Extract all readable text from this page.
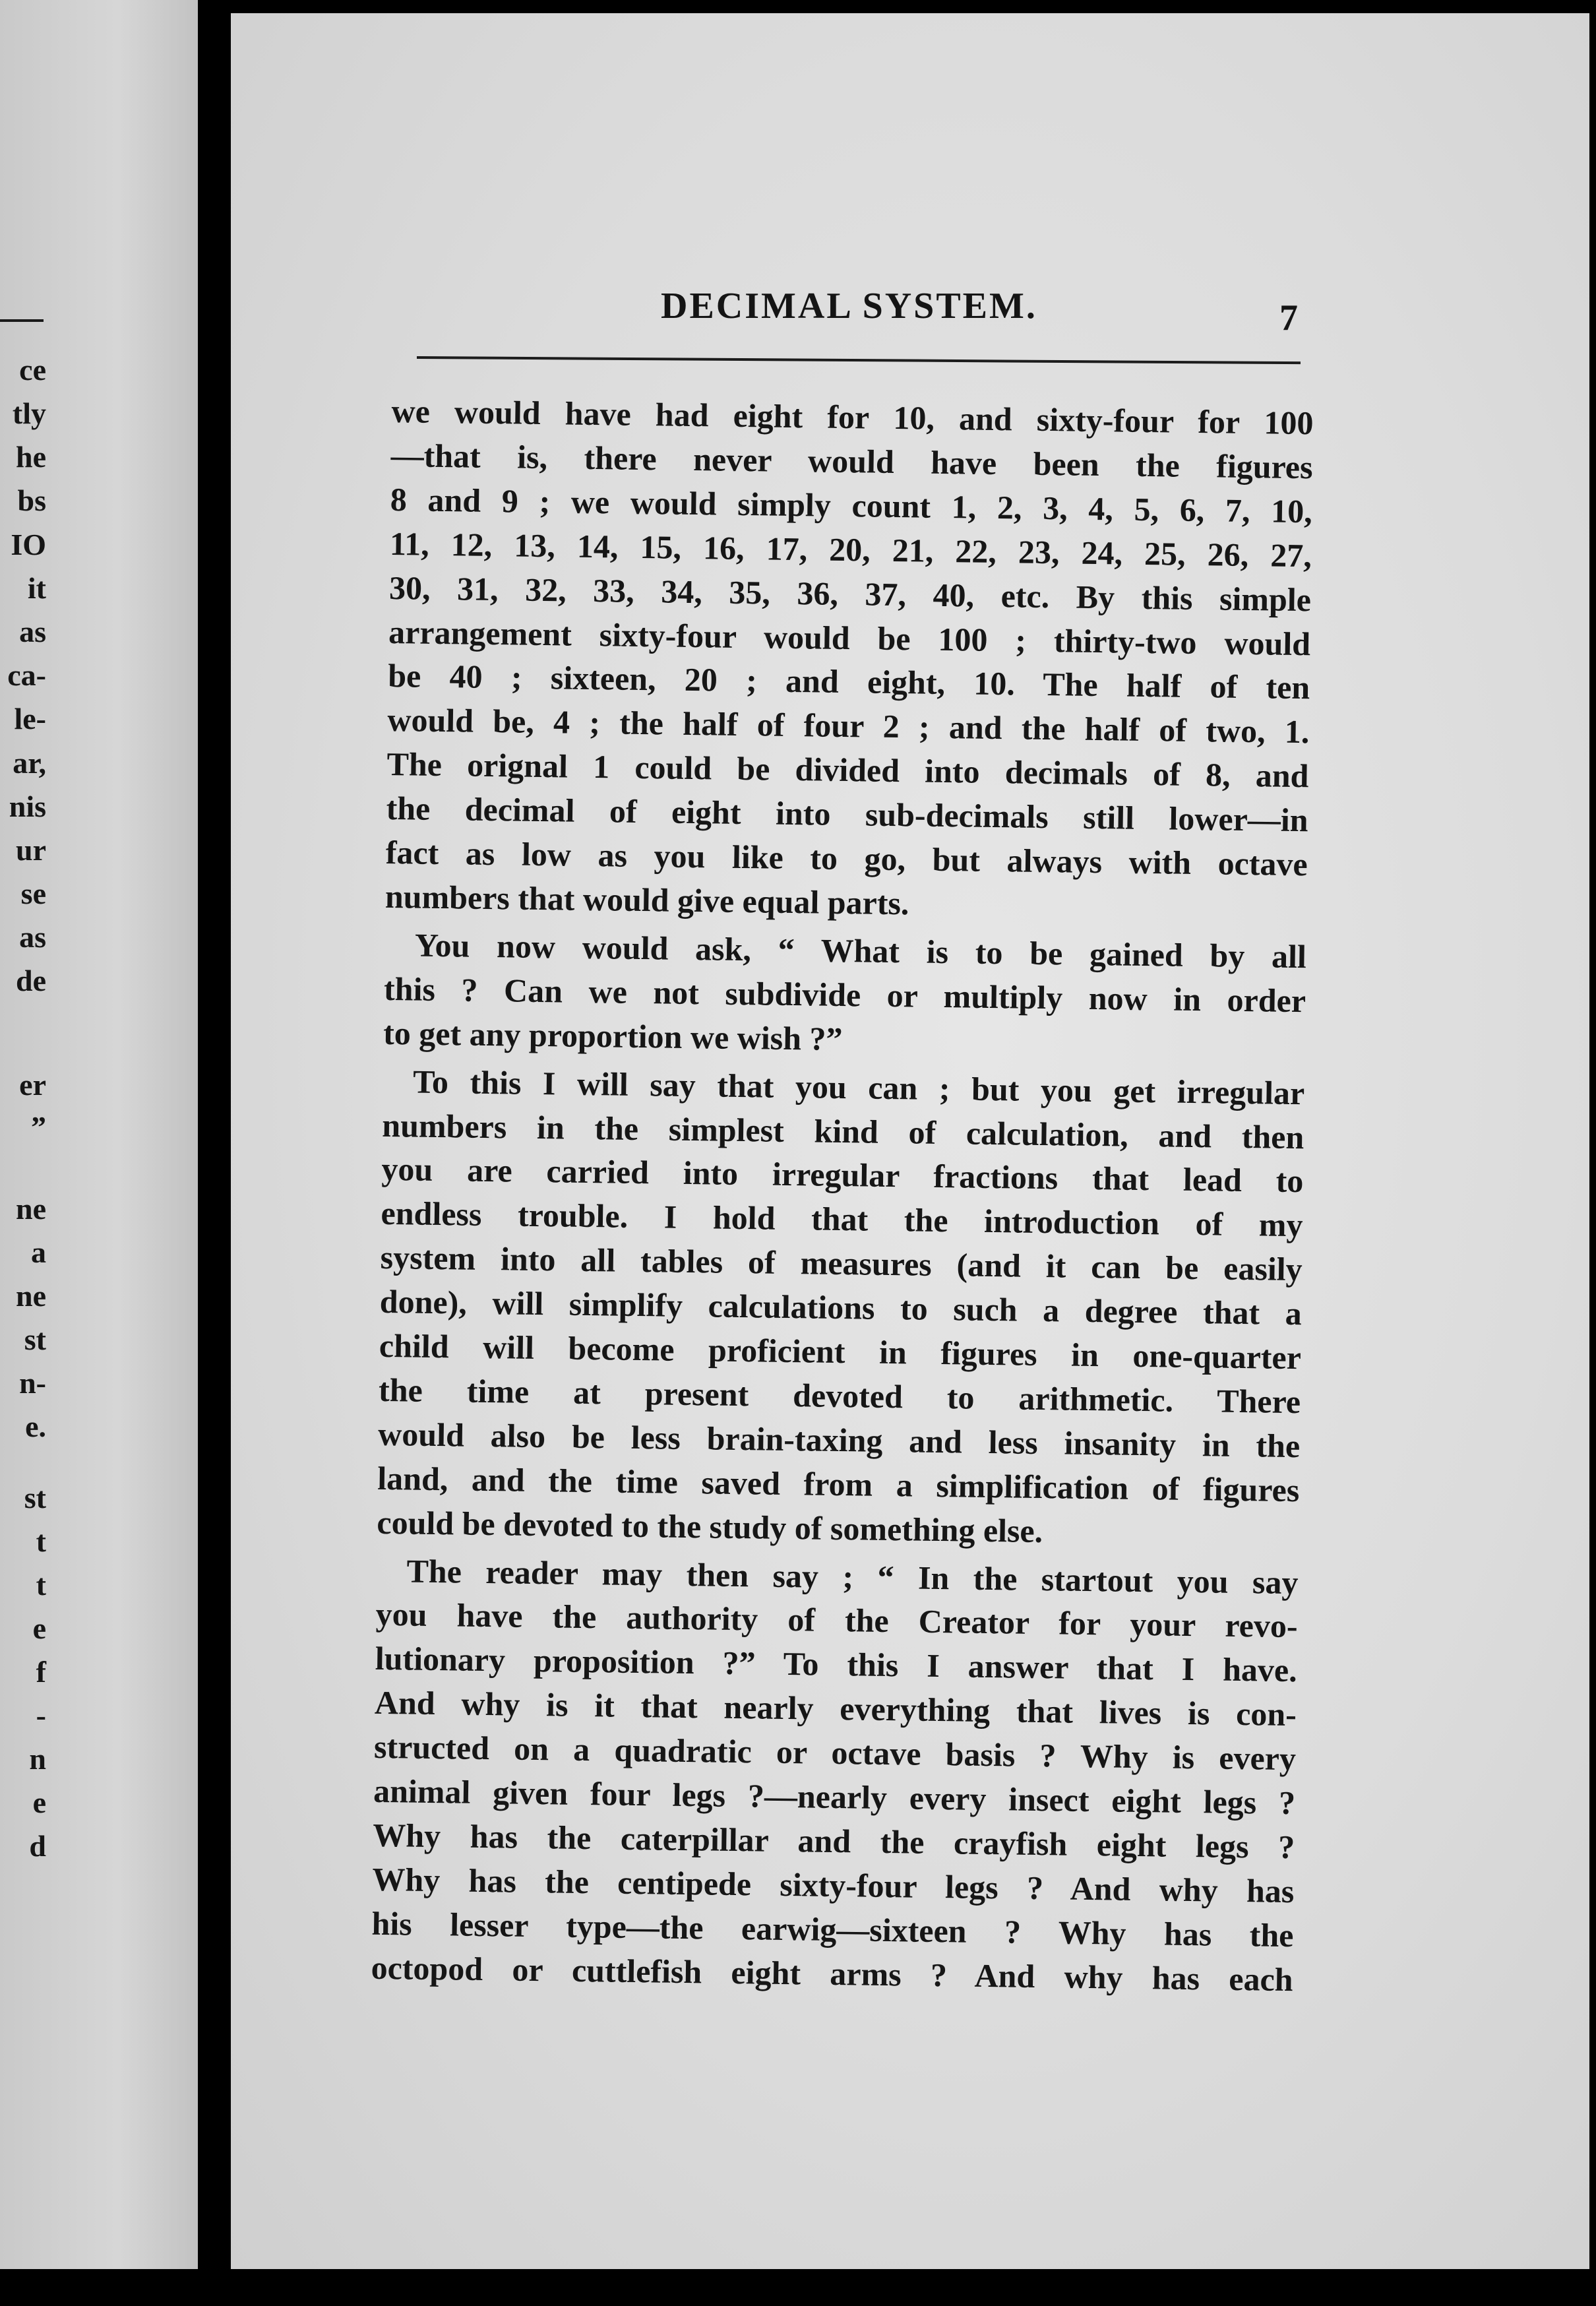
ce
tly
he
bs
IO
it
as
ca-
le-
ar,
nis
ur
se
as
de
er
”
ne
a
ne
st
n-
e.
st
t
t
e
f
-
n
e
d
DECIMAL SYSTEM.	7
we would have had eight for 10, and sixty-four for 100
—that is, there never would have been the figures
8 and 9 ; we would simply count 1, 2, 3, 4, 5, 6, 7, 10,
11, 12, 13, 14, 15, 16, 17, 20, 21, 22, 23, 24, 25, 26, 27,
30, 31, 32, 33, 34, 35, 36, 37, 40, etc. By this simple
arrangement sixty-four would be 100 ; thirty-two would
be 40 ; sixteen, 20 ; and eight, 10. The half of ten
would be, 4 ; the half of four 2 ; and the half of two, 1.
The orignal 1 could be divided into decimals of 8, and
the decimal of eight into sub-decimals still lower—in
fact as low as you like to go, but always with octave
numbers that would give equal parts.
You now would ask, “ What is to be gained by all
this ? Can we not subdivide or multiply now in order
to get any proportion we wish ?”
To this I will say that you can ; but you get irregular
numbers in the simplest kind of calculation, and then
you are carried into irregular fractions that lead to
endless trouble. I hold that the introduction of my
system into all tables of measures (and it can be easily
done), will simplify calculations to such a degree that a
child will become proficient in figures in one-quarter
the time at present devoted to arithmetic. There
would also be less brain-taxing and less insanity in the
land, and the time saved from a simplification of figures
could be devoted to the study of something else.
The reader may then say ; “ In the startout you say
you have the authority of the Creator for your revo-
lutionary proposition ?” To this I answer that I have.
And why is it that nearly everything that lives is con-
structed on a quadratic or octave basis ? Why is every
animal given four legs ?—nearly every insect eight legs ?
Why has the caterpillar and the crayfish eight legs ?
Why has the centipede sixty-four legs ? And why has
his lesser type—the earwig—sixteen ? Why has the
octopod or cuttlefish eight arms ? And why has each
